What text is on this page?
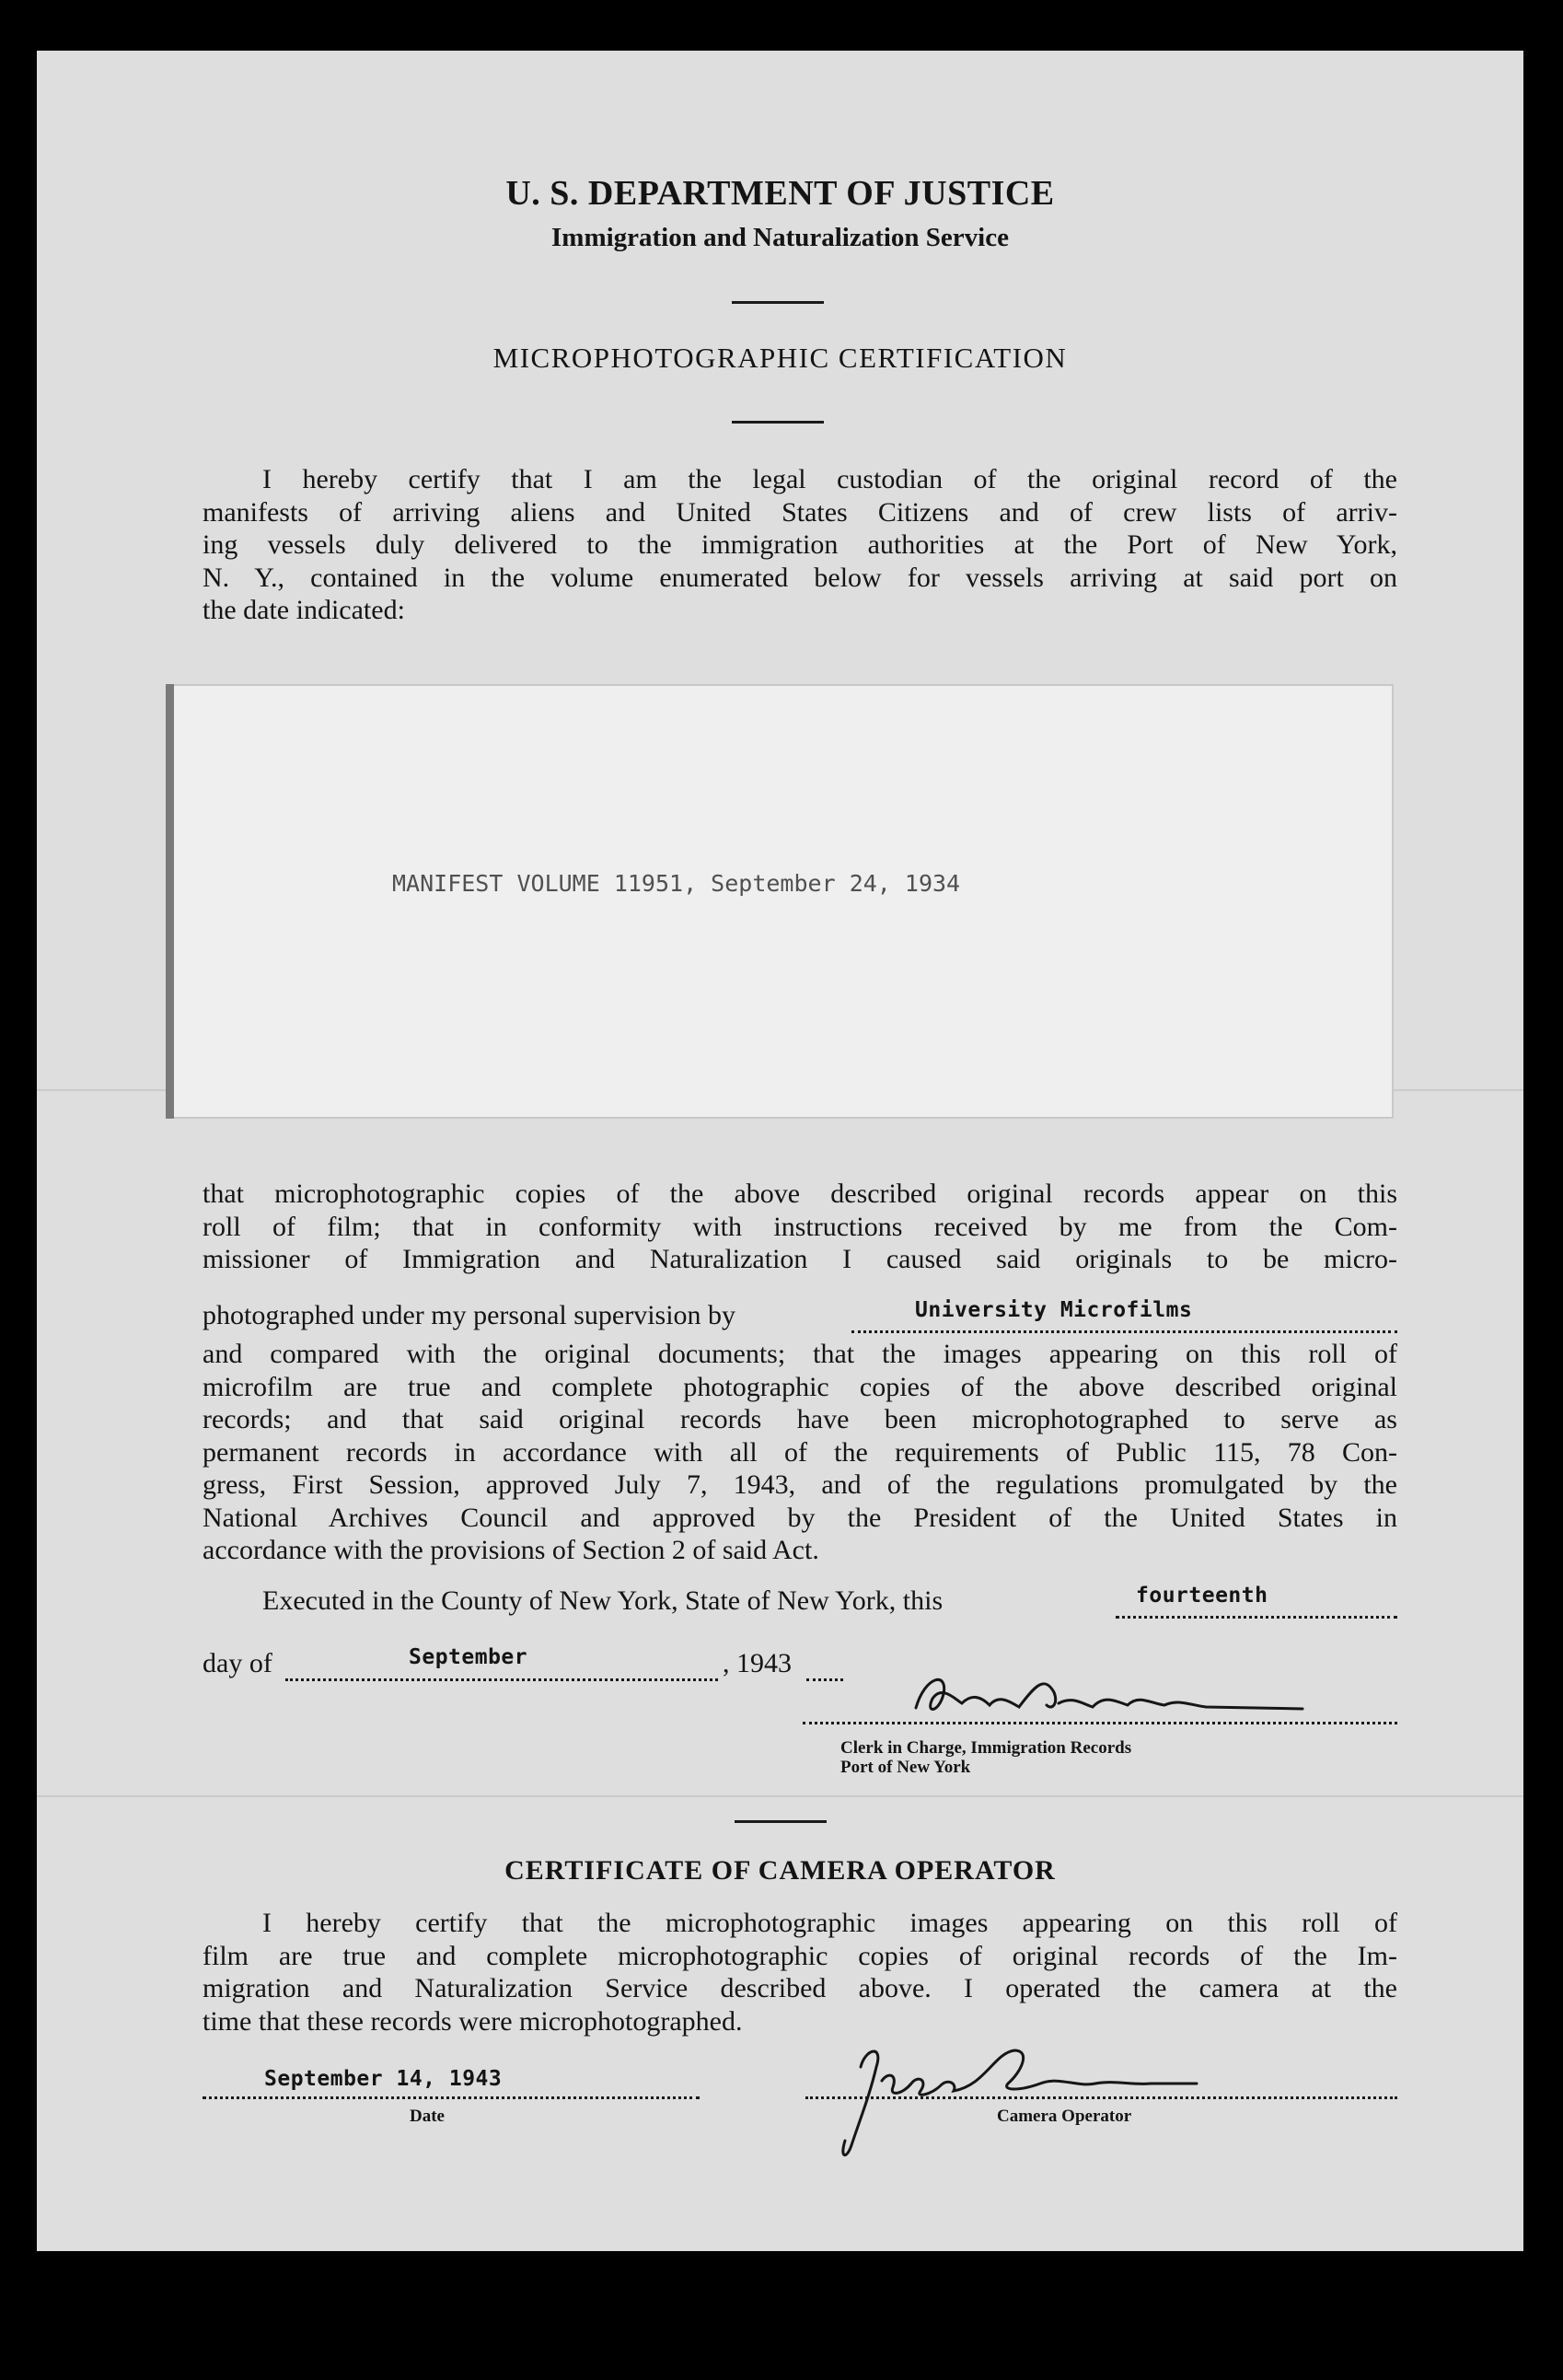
U. S. DEPARTMENT OF JUSTICE
Immigration and Naturalization Service
MICROPHOTOGRAPHIC CERTIFICATION
I hereby certify that I am the legal custodian of the original record of the
manifests of arriving aliens and United States Citizens and of crew lists of arriv-
ing vessels duly delivered to the immigration authorities at the Port of New York,
N. Y., contained in the volume enumerated below for vessels arriving at said port on
the date indicated:
MANIFEST VOLUME 11951, September 24, 1934
that microphotographic copies of the above described original records appear on this
roll of film; that in conformity with instructions received by me from the Com-
missioner of Immigration and Naturalization I caused said originals to be micro-
photographed under my personal supervision by	University Microfilms
and compared with the original documents; that the images appearing on this roll of
microfilm are true and complete photographic copies of the above described original
records; and that said original records have been microphotographed to serve as
permanent records in accordance with all of the requirements of Public 115, 78 Con-
gress, First Session, approved July 7, 1943, and of the regulations promulgated by the
National Archives Council and approved by the President of the United States in
accordance with the provisions of Section 2 of said Act.
Executed in the County of New York, State of New York, this	fourteenth
day of	September	, 1943
Clerk in Charge, Immigration Records
Port of New York
CERTIFICATE OF CAMERA OPERATOR
I hereby certify that the microphotographic images appearing on this roll of
film are true and complete microphotographic copies of original records of the Im-
migration and Naturalization Service described above. I operated the camera at the
time that these records were microphotographed.
September 14, 1943
Date	Camera Operator
